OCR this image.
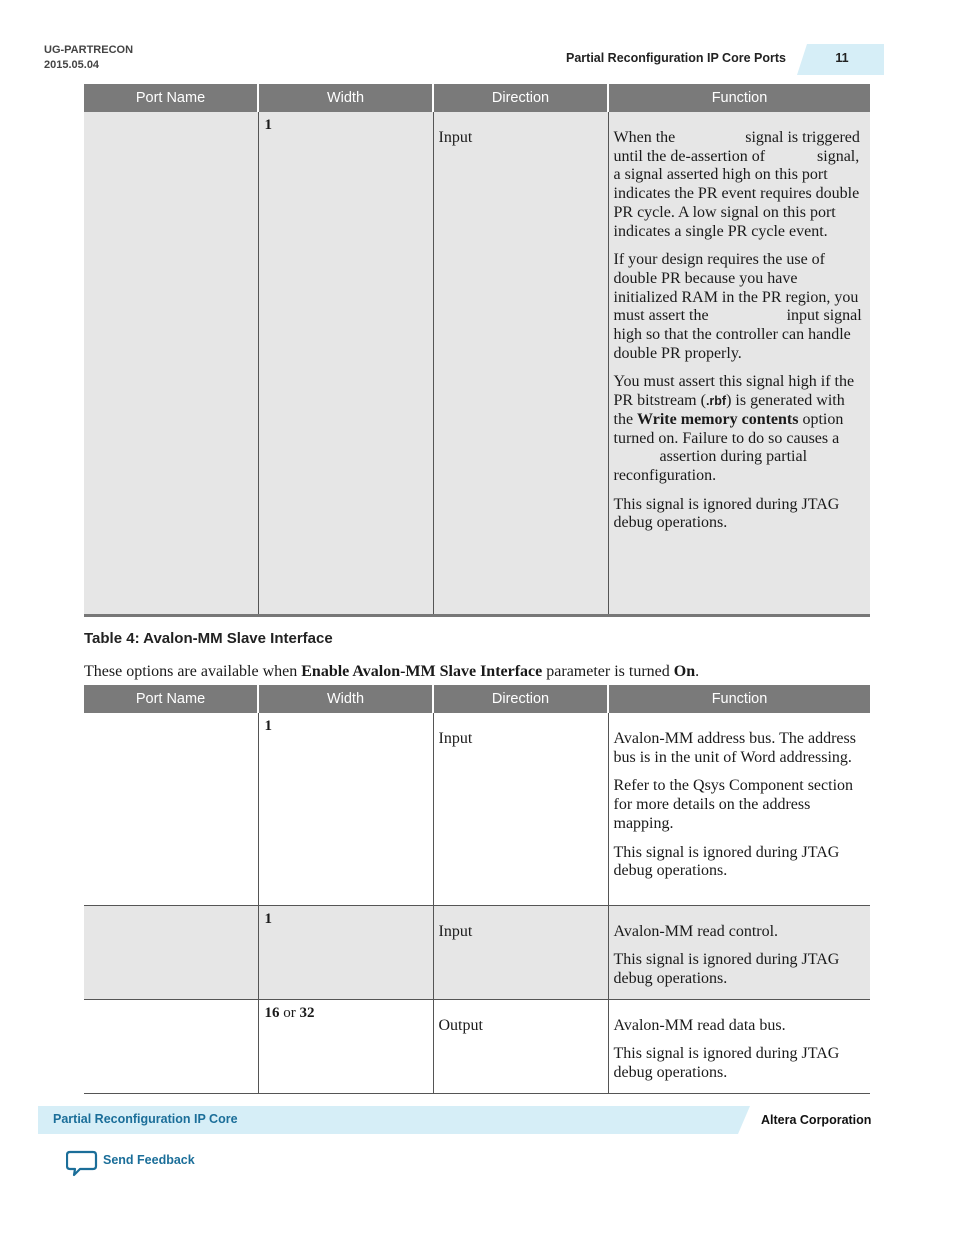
UG-PARTRECON
2015.05.04	Partial Reconfiguration IP Core Ports	11
Port Name	Width	Direction	Function
	1	Input	When the signal is triggered until the de-assertion of signal, a signal asserted high on this port indicates the PR event requires double PR cycle. A low signal on this port indicates a single PR cycle event.

If your design requires the use of double PR because you have initialized RAM in the PR region, you must assert the input signal high so that the controller can handle double PR properly.

You must assert this signal high if the PR bitstream (.rbf) is generated with the Write memory contents option turned on. Failure to do so causes aassertion during partial reconfiguration.

This signal is ignored during JTAG debug operations.

Table 4: Avalon-MM Slave Interface
These options are available when Enable Avalon-MM Slave Interface parameter is turned On.
Port Name	Width	Direction	Function
	1	Input	Avalon-MM address bus. The address bus is in the unit of Word addressing.

Refer to the Qsys Component section for more details on the address mapping.

This signal is ignored during JTAG debug operations.

	1	Input	Avalon-MM read control.

This signal is ignored during JTAG debug operations.

	16 or 32	Output	Avalon-MM read data bus.

This signal is ignored during JTAG debug operations.

Partial Reconfiguration IP Core	Altera Corporation
Send Feedback
